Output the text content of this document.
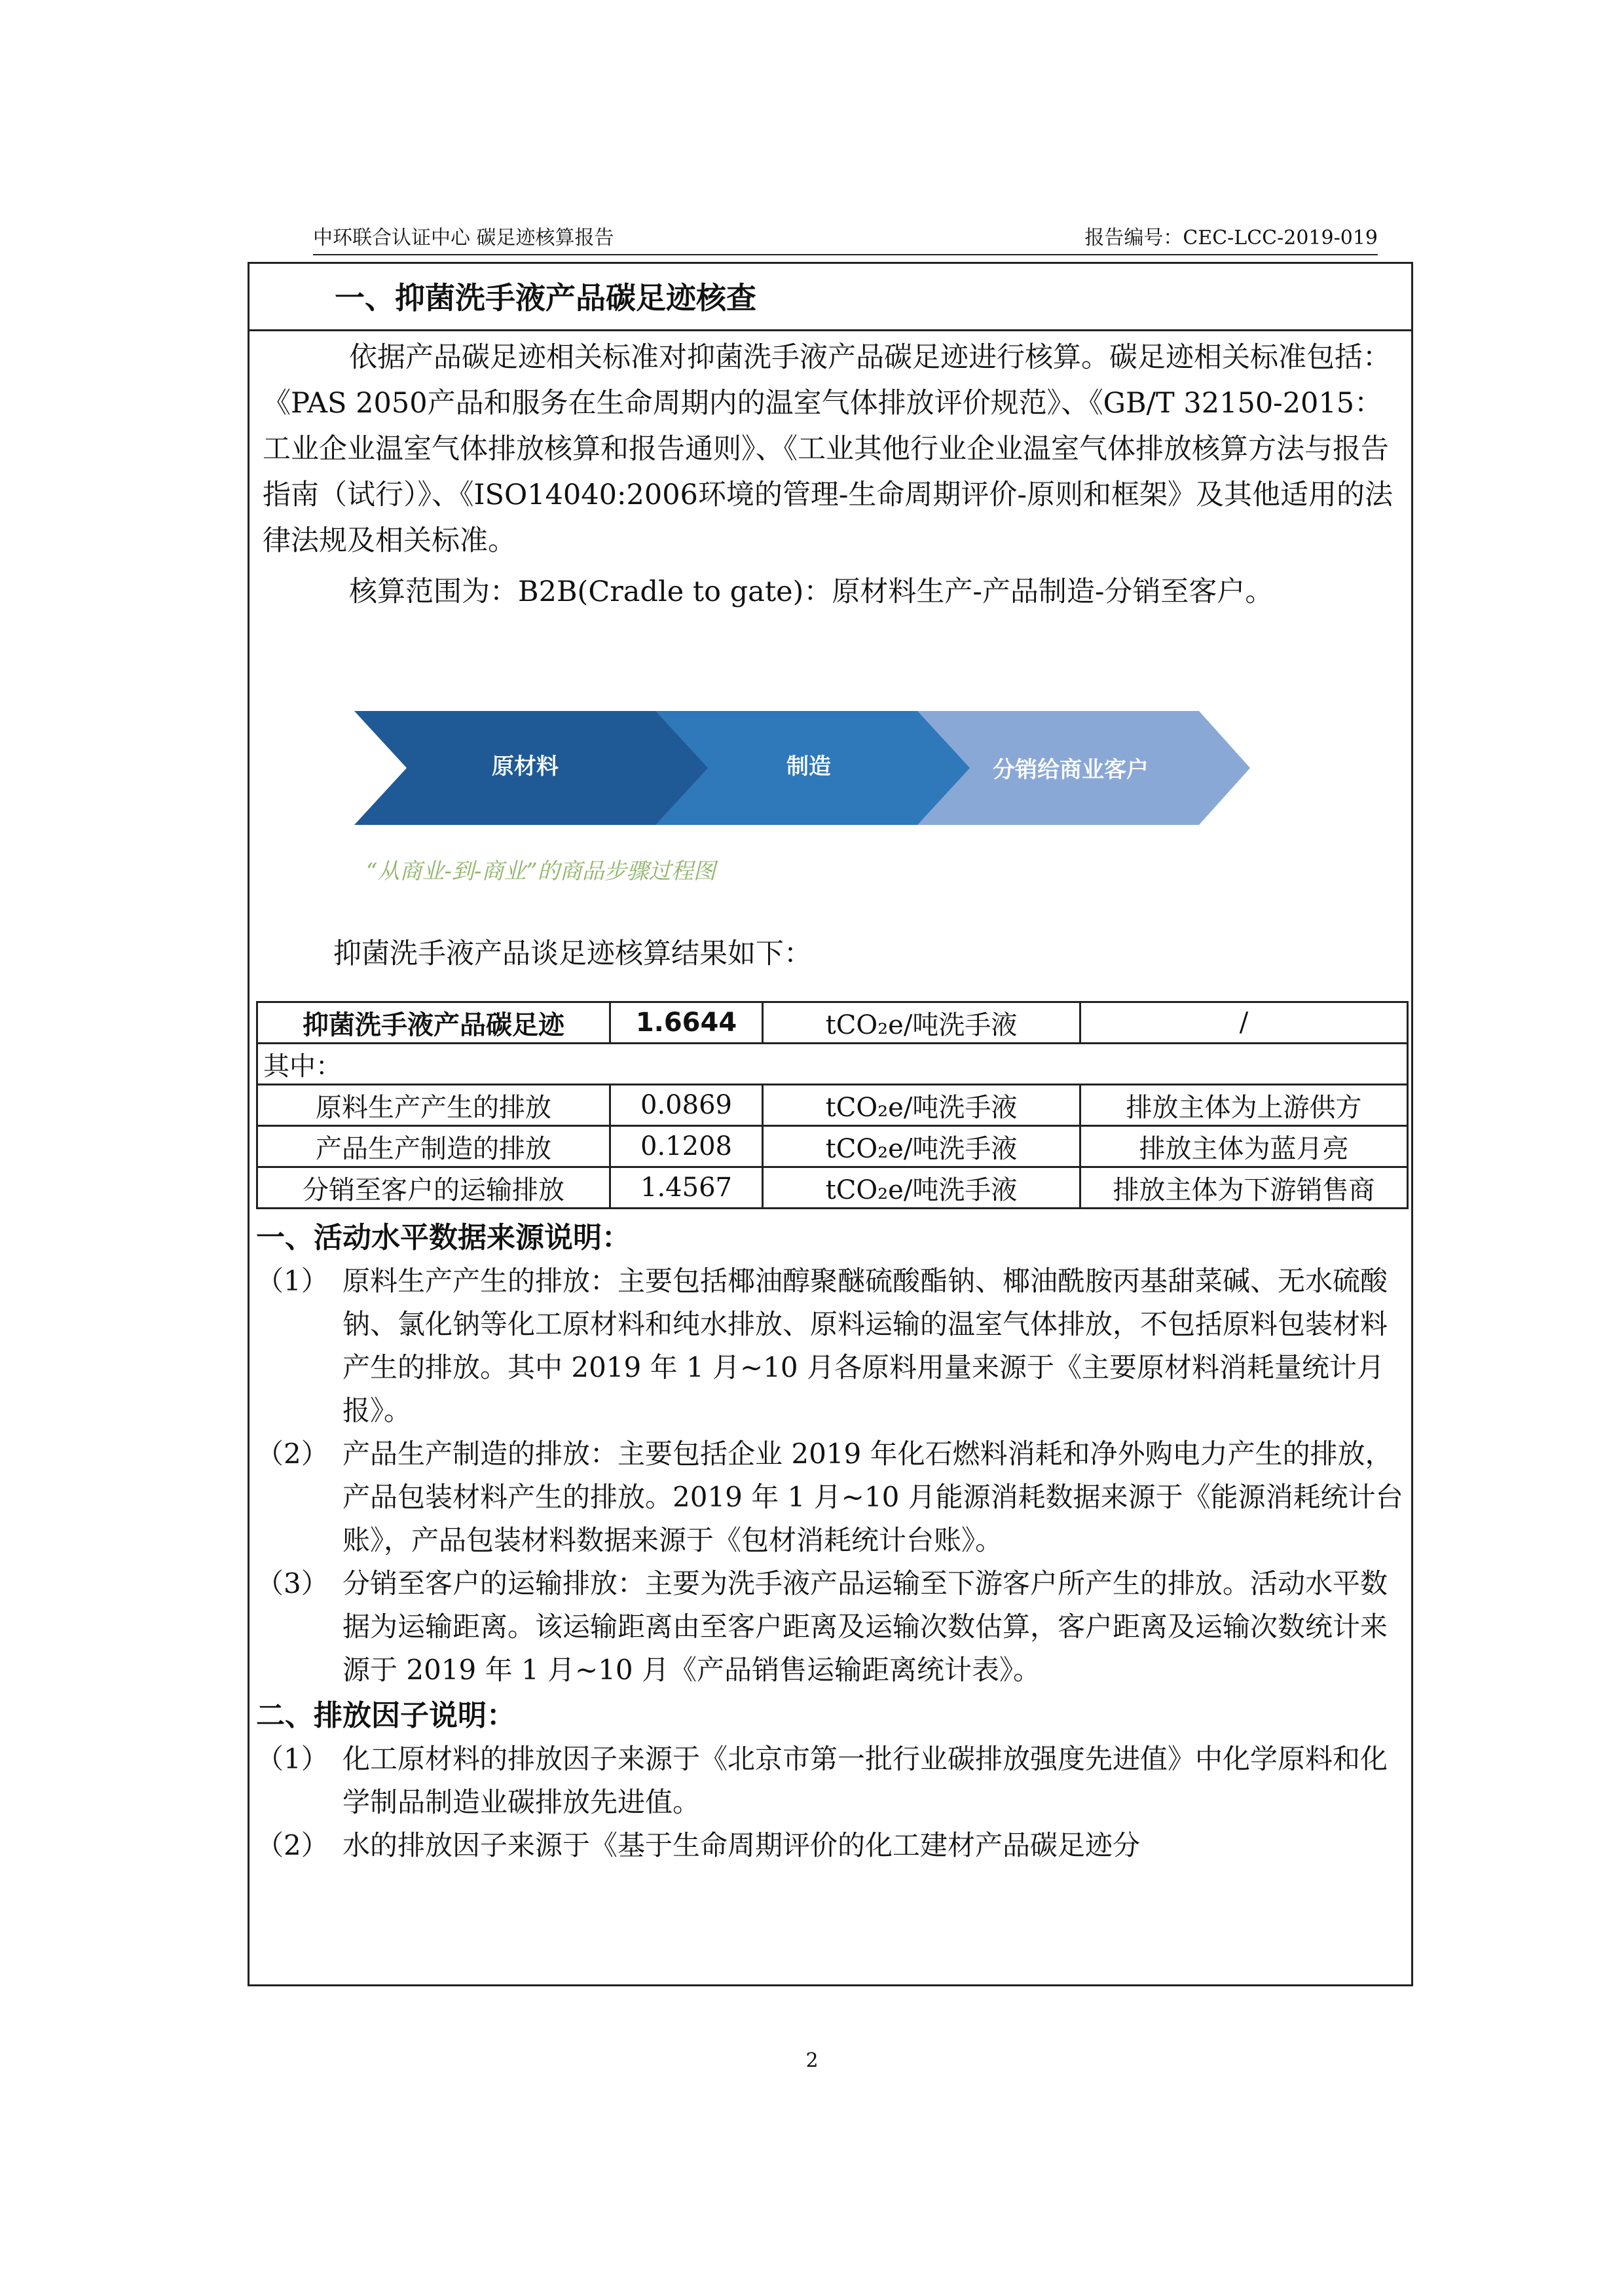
中环联合认证中心 碳足迹核算报告	报告编号：CEC-LCC-2019-019
一、抑菌洗手液产品碳足迹核查

依据产品碳足迹相关标准对抑菌洗手液产品碳足迹进行核算。碳足迹相关标准包括：《PAS 2050产品和服务在生命周期内的温室气体排放评价规范》、《GB/T 32150-2015：工业企业温室气体排放核算和报告通则》、《工业其他行业企业温室气体排放核算方法与报告指南（试行）》、《ISO14040:2006环境的管理-生命周期评价-原则和框架》及其他适用的法律法规及相关标准。

核算范围为：B2B(Cradle to gate)：原材料生产-产品制造-分销至客户。

原材料	制造	分销给商业客户
“从商业-到-商业”的商品步骤过程图
抑菌洗手液产品谈足迹核算结果如下：
抑菌洗手液产品碳足迹	1.6644	tCO₂e/吨洗手液	/
其中：			
原料生产产生的排放	0.0869	tCO₂e/吨洗手液	排放主体为上游供方
产品生产制造的排放	0.1208	tCO₂e/吨洗手液	排放主体为蓝月亮
分销至客户的运输排放	1.4567	tCO₂e/吨洗手液	排放主体为下游销售商
一、活动水平数据来源说明：
（1） 原料生产产生的排放：主要包括椰油醇聚醚硫酸酯钠、椰油酰胺丙基甜菜碱、无水硫酸钠、氯化钠等化工原材料和纯水排放、原料运输的温室气体排放，不包括原料包装材料产生的排放。其中 2019 年 1 月~10 月各原料用量来源于《主要原材料消耗量统计月报》。
（2） 产品生产制造的排放：主要包括企业 2019 年化石燃料消耗和净外购电力产生的排放，产品包装材料产生的排放。2019 年 1 月~10 月能源消耗数据来源于《能源消耗统计台账》，产品包装材料数据来源于《包材消耗统计台账》。
（3） 分销至客户的运输排放：主要为洗手液产品运输至下游客户所产生的排放。活动水平数据为运输距离。该运输距离由至客户距离及运输次数估算，客户距离及运输次数统计来源于 2019 年 1 月~10 月《产品销售运输距离统计表》。
二、排放因子说明：
（1） 化工原材料的排放因子来源于《北京市第一批行业碳排放强度先进值》中化学原料和化学制品制造业碳排放先进值。
（2） 水的排放因子来源于《基于生命周期评价的化工建材产品碳足迹分
2
